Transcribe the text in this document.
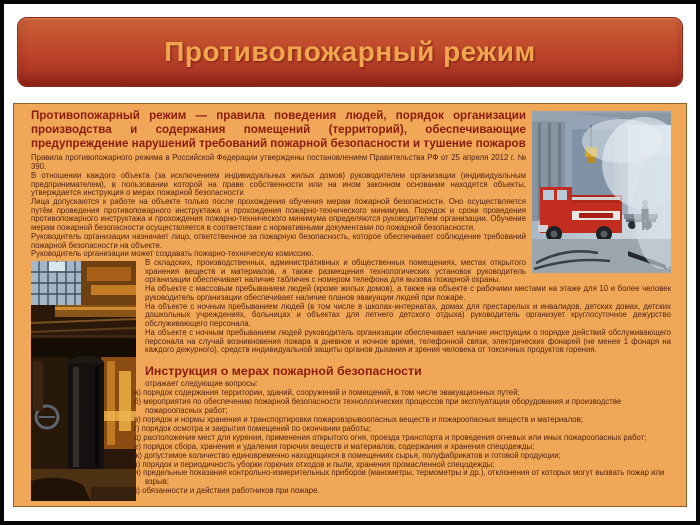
Противопожарный режим

Противопожарный режим — правила поведения людей, порядок организации производства и содержания помещений (территорий), обеспечивающие предупреждение нарушений требований пожарной безопасности и тушение пожаров

Правила противопожарного режима в Российской Федерации утверждены постановлением Правительства РФ от 25 апреля 2012 г. № 390.

В отношении каждого объекта (за исключением индивидуальных жилых домов) руководителем организации (индивидуальным предпринимателем), в пользовании которой на праве собственности или на ином законном основании находятся объекты, утверждается инструкция о мерах пожарной безопасности

Лица допускаются к работе на объекте только после прохождения обучения мерам пожарной безопасности. Оно осуществляется путём проведения противопожарного инструктажа и прохождения пожарно-технического минимума. Порядок и сроки проведения противопожарного инструктажа и прохождения пожарно-технического минимума определяются руководителем организации. Обучение мерам пожарной безопасности осуществляется в соответствии с нормативными документами по пожарной безопасности.

Руководитель организации назначает лицо, ответственное за пожарную безопасность, которое обеспечивает соблюдение требований пожарной безопасности на объекте.

Руководитель организации может создавать пожарно-техническую комиссию.

В складских, производственных, административных и общественных помещениях, местах открытого хранения веществ и материалов, а также размещения технологических установок руководитель организации обеспечивает наличие табличек с номером телефона для вызова пожарной охраны.

На объекте с массовым пребыванием людей (кроме жилых домов), а также на объекте с рабочими местами на этаже для 10 и более человек руководитель организации обеспечивает наличие планов эвакуации людей при пожаре.

На объекте с ночным пребыванием людей (в том числе в школах-интернатах, домах для престарелых и инвалидов, детских домах, детских дошкольных учреждениях, больницах и объектах для летнего детского отдыха) руководитель организует круглосуточное дежурство обслуживающего персонала.

На объекте с ночным пребыванием людей руководитель организации обеспечивает наличие инструкции о порядке действий обслуживающего персонала на случай возникновения пожара в дневное и ночное время, телефонной связи, электрических фонарей (не менее 1 фонаря на каждого дежурного), средств индивидуальной защиты органов дыхания и зрения человека от токсичных продуктов горения.

Инструкция о мерах пожарной безопасности

отражает следующие вопросы:

а) порядок содержания территории, зданий, сооружений и помещений, в том числе эвакуационных путей;
б) мероприятия по обеспечению пожарной безопасности технологических процессов при эксплуатации оборудования и производстве пожароопасных работ;
в) порядок и нормы хранения и транспортировки пожаровзрывоопасных веществ и пожароопасных веществ и материалов;
г) порядок осмотра и закрытия помещений по окончании работы;
д) расположение мест для курения, применения открытого огня, проезда транспорта и проведения огневых или иных пожароопасных работ;
е) порядок сбора, хранения и удаления горючих веществ и материалов, содержания и хранения спецодежды;
ж) допустимое количество единовременно находящихся в помещениях сырья, полуфабрикатов и готовой продукции;
з) порядок и периодичность уборки горючих отходов и пыли, хранения промасленной спецодежды;
и) предельные показания контрольно-измерительных приборов (манометры, термометры и др.), отклонения от которых могут вызвать пожар или взрыв;
к) обязанности и действия работников при пожаре.
